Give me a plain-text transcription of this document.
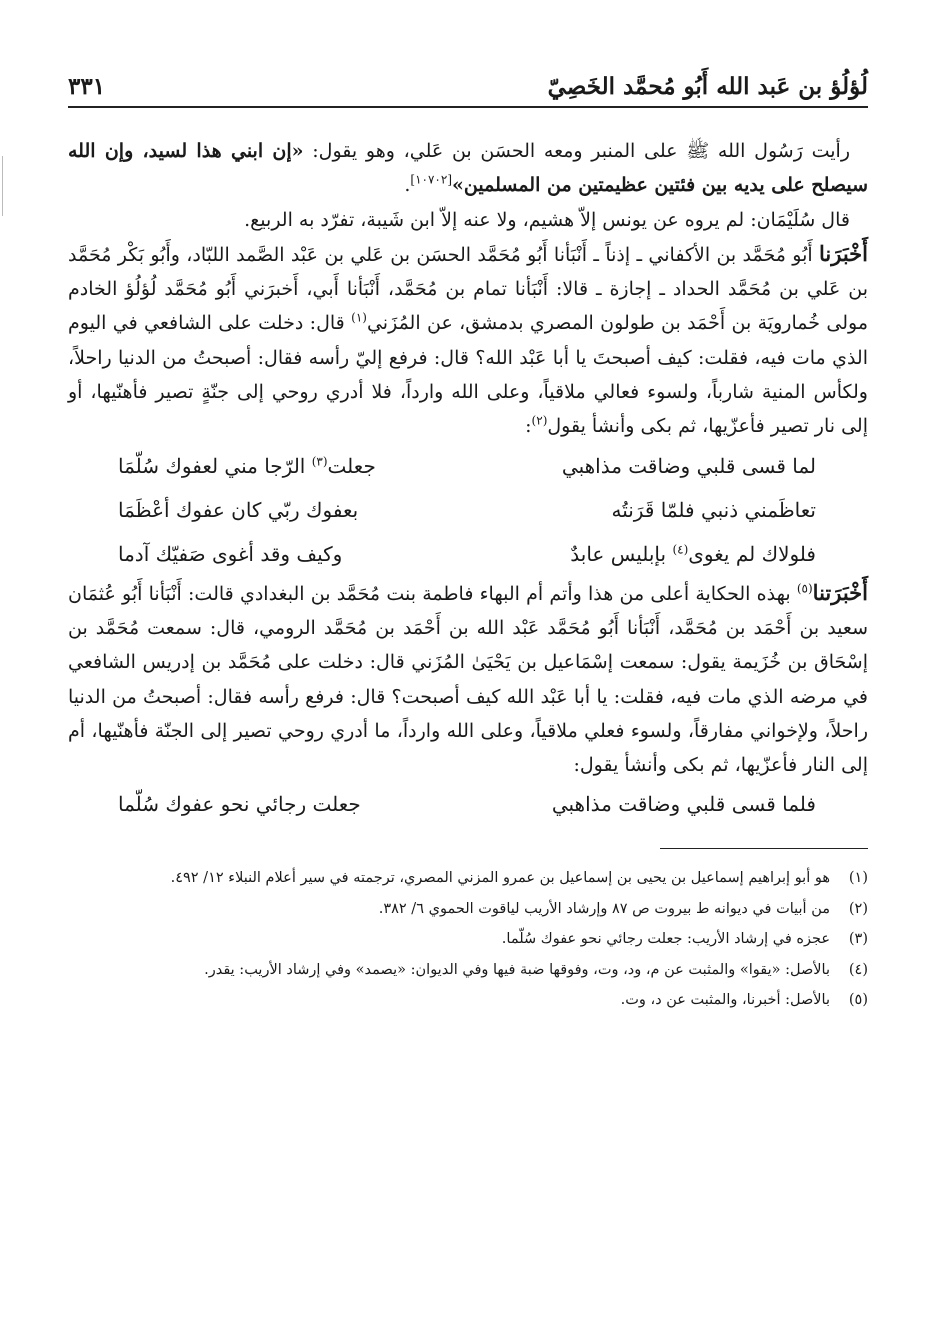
لُؤلُؤ بن عَبد الله أَبُو مُحمَّد الخَصِيّ
٣٣١

رأيت رَسُول الله ﷺ على المنبر ومعه الحسَن بن عَلي، وهو يقول: «إن ابني هذا لسيد، وإن الله سيصلح على يديه بين فئتين عظيمتين من المسلمين»[١٠٧٠٢].

قال سُلَيْمَان: لم يروه عن يونس إلاّ هشيم، ولا عنه إلاّ ابن شَيبة، تفرّد به الربيع.

أَخْبَرَنا أَبُو مُحَمَّد بن الأكفاني ـ إذناً ـ أَنْبَأنا أَبُو مُحَمَّد الحسَن بن عَلي بن عَبْد الصَّمد اللبّاد، وأَبُو بَكْر مُحَمَّد بن عَلي بن مُحَمَّد الحداد ـ إجازة ـ قالا: أَنْبَأنا تمام بن مُحَمَّد، أَنْبَأنا أَبي، أَخبرَني أَبُو مُحَمَّد لُؤلُؤ الخادم مولى خُمارويَة بن أَحْمَد بن طولون المصري بدمشق، عن المُزَني$^{(١)}$ قال: دخلت على الشافعي في اليوم الذي مات فيه، فقلت: كيف أصبحتَ يا أبا عَبْد الله؟ قال: فرفع إليّ رأسه فقال: أصبحتُ من الدنيا راحلاً، ولكأس المنية شارباً، ولسوء فعالي ملاقياً، وعلى الله وارداً، فلا أدري روحي إلى جنّةٍ تصير فأهنّيها، أو إلى نار تصير فأعزّيها، ثم بكى وأنشأ يقول$^{(٢)}$:

لما قسى قلبي وضاقت مذاهبي
جعلت$^{(٣)}$ الرّجا مني لعفوك سُلّمَا
تعاظَمني ذنبي فلمّا قَرَنتُه
بعفوك ربّي كان عفوك أعْظَمَا
فلولاك لم يغوى$^{(٤)}$ بإبليس عابدٌ
وكيف وقد أغوى صَفيّك آدما

أَخْبَرَتنا$^{(٥)}$ بهذه الحكاية أعلى من هذا وأتم أم البهاء فاطمة بنت مُحَمَّد بن البغدادي قالت: أَنْبَأنا أَبُو عُثمَان سعيد بن أَحْمَد بن مُحَمَّد، أَنْبَأنا أَبُو مُحَمَّد عَبْد الله بن أَحْمَد بن مُحَمَّد الرومي، قال: سمعت مُحَمَّد بن إسْحَاق بن خُزَيمة يقول: سمعت إسْمَاعيل بن يَحْيَىٰ المُزَني قال: دخلت على مُحَمَّد بن إدريس الشافعي في مرضه الذي مات فيه، فقلت: يا أبا عَبْد الله كيف أصبحت؟ قال: فرفع رأسه فقال: أصبحتُ من الدنيا راحلاً، ولإخواني مفارقاً، ولسوء فعلي ملاقياً، وعلى الله وارداً، ما أدري روحي تصير إلى الجنّة فأهنّيها، أم إلى النار فأعزّيها، ثم بكى وأنشأ يقول:

فلما قسى قلبي وضاقت مذاهبي
جعلت رجائي نحو عفوك سُلّما
(١)
هو أبو إبراهيم إسماعيل بن يحيى بن إسماعيل بن عمرو المزني المصري، ترجمته في سير أعلام النبلاء ١٢/ ٤٩٢.
(٢)
من أبيات في ديوانه ط بيروت ص ٨٧ وإرشاد الأريب لياقوت الحموي ٦/ ٣٨٢.
(٣)
عجزه في إرشاد الأريب: جعلت رجائي نحو عفوك سُلّما.
(٤)
بالأصل: «يقوا» والمثبت عن م، ود، وت، وفوقها ضبة فيها وفي الديوان: «يصمد» وفي إرشاد الأريب: يقدر.
(٥)
بالأصل: أخبرنا، والمثبت عن د، وت.
